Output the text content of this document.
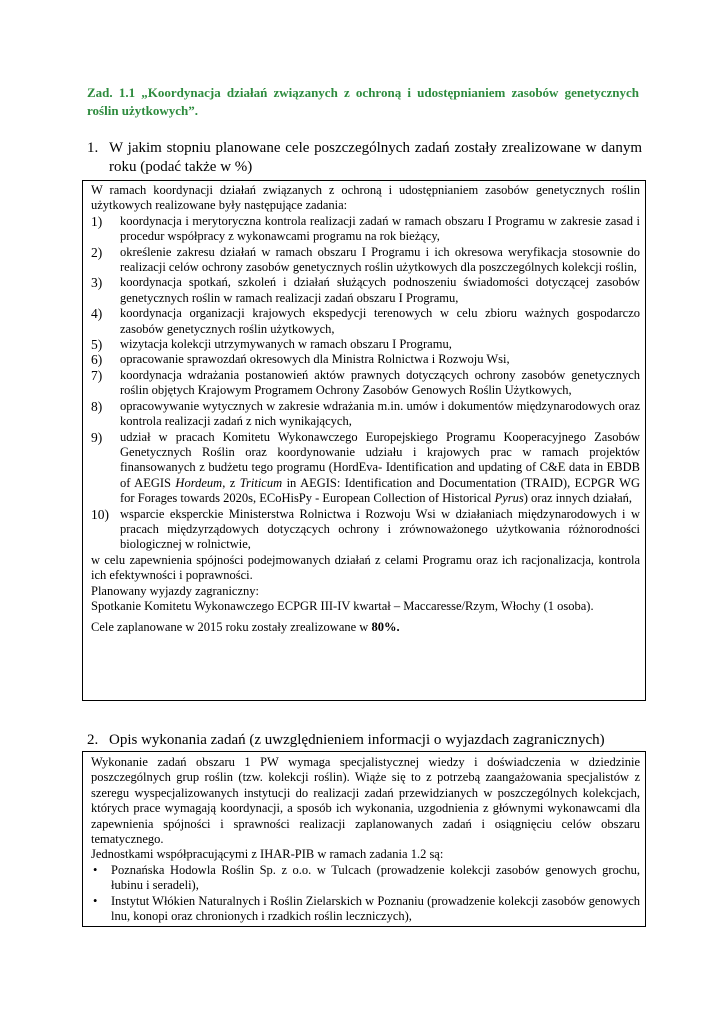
Zad. 1.1 „Koordynacja działań związanych z ochroną i udostępnianiem zasobów genetycznych roślin użytkowych”.
1. W jakim stopniu planowane cele poszczególnych zadań zostały zrealizowane w danym roku (podać także w %)

W ramach koordynacji działań związanych z ochroną i udostępnianiem zasobów genetycznych roślin użytkowych realizowane były następujące zadania:

1) koordynacja i merytoryczna kontrola realizacji zadań w ramach obszaru I Programu w zakresie zasad i procedur współpracy z wykonawcami programu na rok bieżący,
2) określenie zakresu działań w ramach obszaru I Programu i ich okresowa weryfikacja stosownie do realizacji celów ochrony zasobów genetycznych roślin użytkowych dla poszczególnych kolekcji roślin,
3) koordynacja spotkań, szkoleń i działań służących podnoszeniu świadomości dotyczącej zasobów genetycznych roślin w ramach realizacji zadań obszaru I Programu,
4) koordynacja organizacji krajowych ekspedycji terenowych w celu zbioru ważnych gospodarczo zasobów genetycznych roślin użytkowych,
5) wizytacja kolekcji utrzymywanych w ramach obszaru I Programu,
6) opracowanie sprawozdań okresowych dla Ministra Rolnictwa i Rozwoju Wsi,
7) koordynacja wdrażania postanowień aktów prawnych dotyczących ochrony zasobów genetycznych roślin objętych Krajowym Programem Ochrony Zasobów Genowych Roślin Użytkowych,
8) opracowywanie wytycznych w zakresie wdrażania m.in. umów i dokumentów międzynarodowych oraz kontrola realizacji zadań z nich wynikających,
9) udział w pracach Komitetu Wykonawczego Europejskiego Programu Kooperacyjnego Zasobów Genetycznych Roślin oraz koordynowanie udziału i krajowych prac w ramach projektów finansowanych z budżetu tego programu (HordEva- Identification and updating of C&E data in EBDB of AEGIS Hordeum, z Triticum in AEGIS: Identification and Documentation (TRAID), ECPGR WG for Forages towards 2020s, ECoHisPy - European Collection of Historical Pyrus) oraz innych działań,
10) wsparcie eksperckie Ministerstwa Rolnictwa i Rozwoju Wsi w działaniach międzynarodowych i w pracach międzyrządowych dotyczących ochrony i zrównoważonego użytkowania różnorodności biologicznej w rolnictwie,
w celu zapewnienia spójności podejmowanych działań z celami Programu oraz ich racjonalizacja, kontrola ich efektywności i poprawności.
Planowany wyjazdy zagraniczny:
Spotkanie Komitetu Wykonawczego ECPGR III-IV kwartał – Maccaresse/Rzym, Włochy (1 osoba).
Cele zaplanowane w 2015 roku zostały zrealizowane w 80%.
2. Opis wykonania zadań (z uwzględnieniem informacji o wyjazdach zagranicznych)

Wykonanie zadań obszaru 1 PW wymaga specjalistycznej wiedzy i doświadczenia w dziedzinie poszczególnych grup roślin (tzw. kolekcji roślin). Wiąże się to z potrzebą zaangażowania specjalistów z szeregu wyspecjalizowanych instytucji do realizacji zadań przewidzianych w poszczególnych kolekcjach, których prace wymagają koordynacji, a sposób ich wykonania, uzgodnienia z głównymi wykonawcami dla zapewnienia spójności i sprawności realizacji zaplanowanych zadań i osiągnięciu celów obszaru tematycznego.

Jednostkami współpracującymi z IHAR-PIB w ramach zadania 1.2 są:
• Poznańska Hodowla Roślin Sp. z o.o. w Tulcach (prowadzenie kolekcji zasobów genowych grochu, łubinu i seradeli),
• Instytut Włókien Naturalnych i Roślin Zielarskich w Poznaniu (prowadzenie kolekcji zasobów genowych lnu, konopi oraz chronionych i rzadkich roślin leczniczych),
